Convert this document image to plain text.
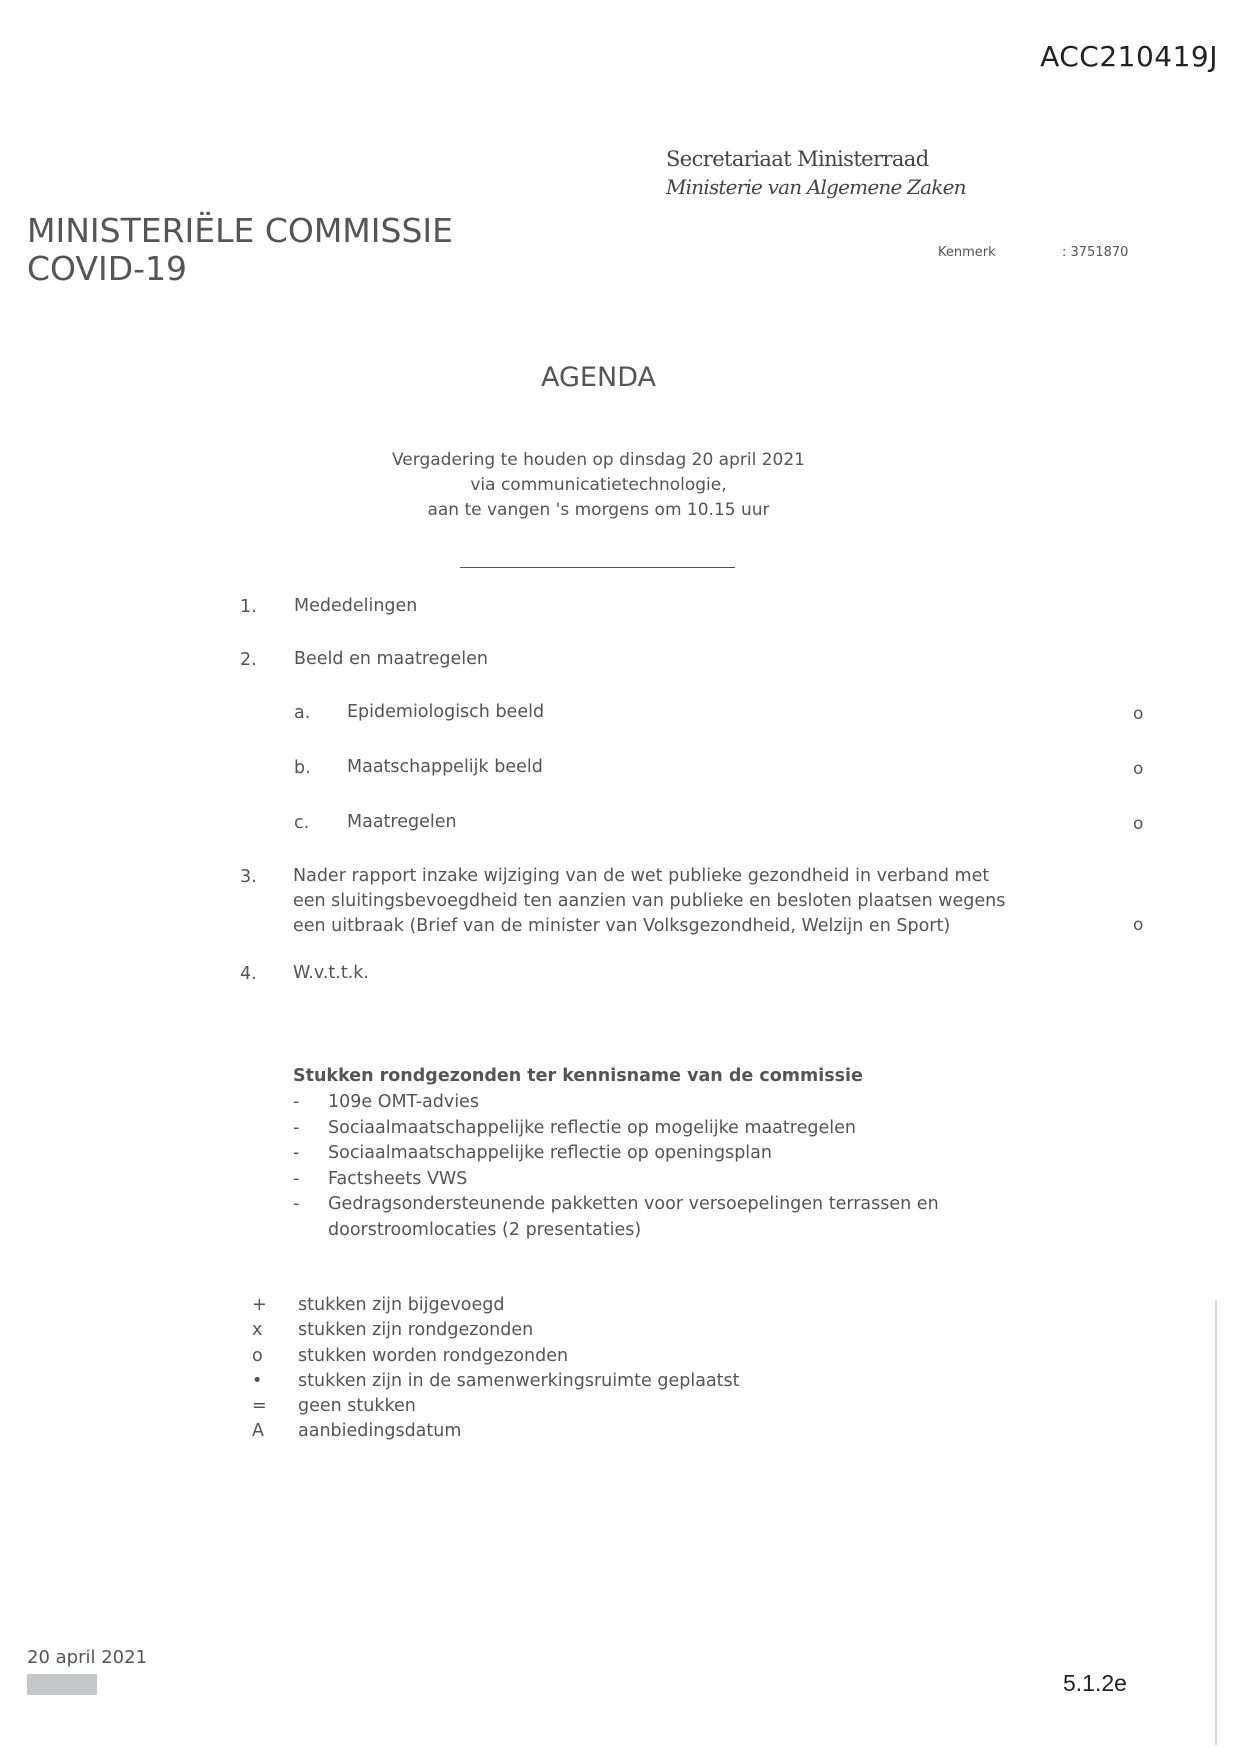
ACC210419J
Secretariaat Ministerraad
Ministerie van Algemene Zaken
MINISTERIËLE COMMISSIE
COVID-19	Kenmerk	: 3751870
AGENDA
Vergadering te houden op dinsdag 20 april 2021
via communicatietechnologie,
aan te vangen 's morgens om 10.15 uur
1. Mededelingen
2. Beeld en maatregelen
a. Epidemiologisch beeld	o
b. Maatschappelijk beeld	o
c. Maatregelen	o
3. Nader rapport inzake wijziging van de wet publieke gezondheid in verband met
een sluitingsbevoegdheid ten aanzien van publieke en besloten plaatsen wegens
een uitbraak (Brief van de minister van Volksgezondheid, Welzijn en Sport)	o
4. W.v.t.t.k.
Stukken rondgezonden ter kennisname van de commissie
-	109e OMT-advies
-	Sociaalmaatschappelijke reflectie op mogelijke maatregelen
-	Sociaalmaatschappelijke reflectie op openingsplan
-	Factsheets VWS
-	Gedragsondersteunende pakketten voor versoepelingen terrassen en
doorstroomlocaties (2 presentaties)
+	stukken zijn bijgevoegd
x	stukken zijn rondgezonden
o	stukken worden rondgezonden
•	stukken zijn in de samenwerkingsruimte geplaatst
=	geen stukken
A	aanbiedingsdatum
20 april 2021
5.1.2e
